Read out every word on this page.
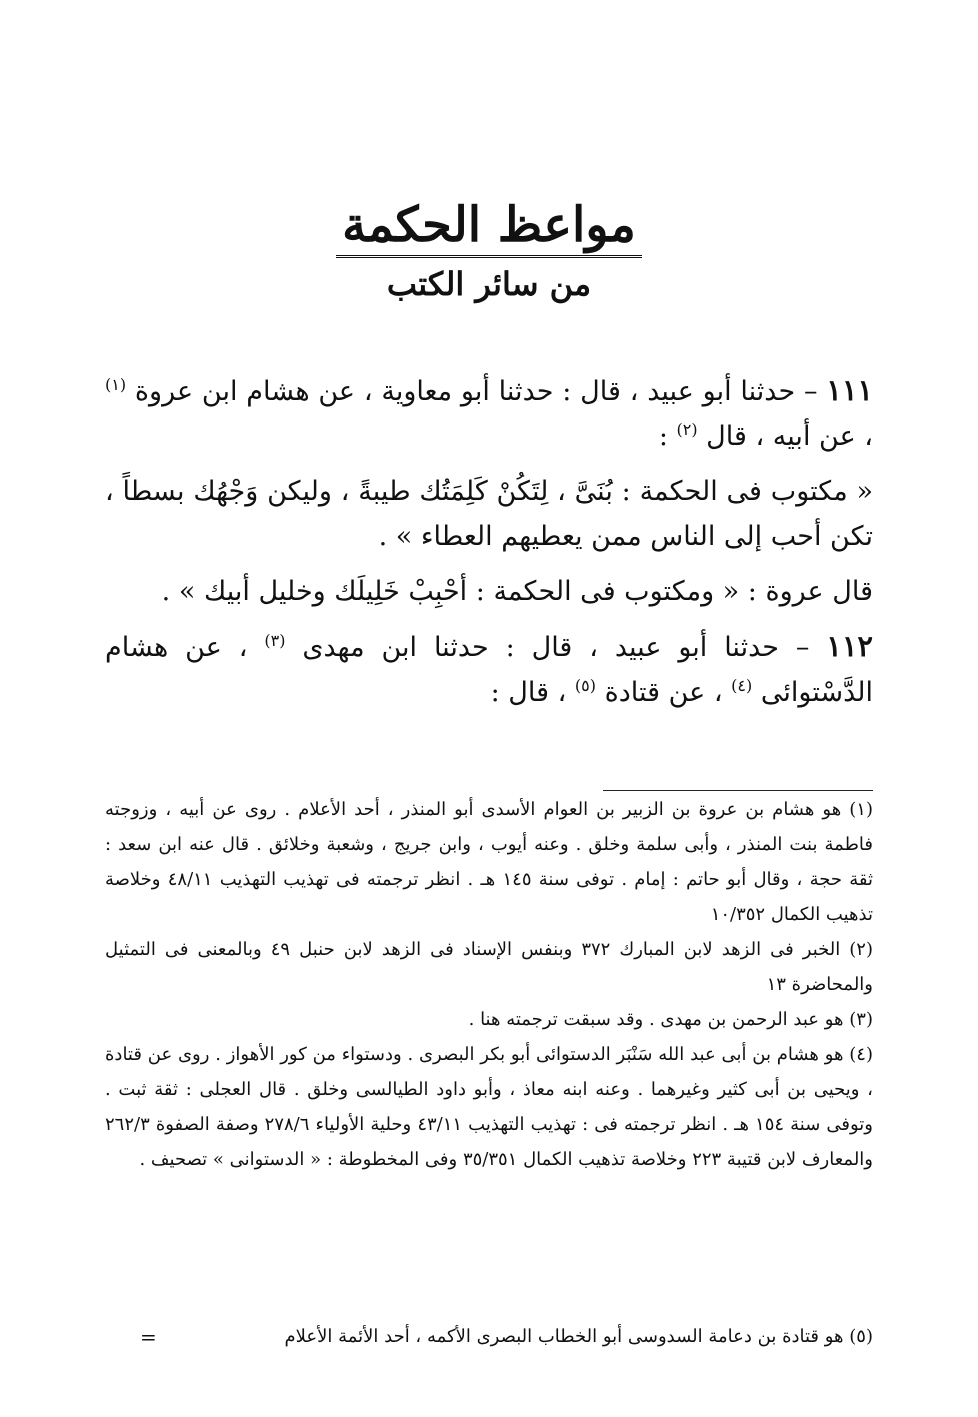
مواعظ الحكمة
من سائر الكتب

١١١ – حدثنا أبو عبيد ، قال : حدثنا أبو معاوية ، عن هشام ابن عروة $^{(١)}$ ، عن أبيه ، قال $^{(٢)}$ :

« مكتوب فى الحكمة : بُنَىَّ ، لِتَكُنْ كَلِمَتُك طيبةً ، وليكن وَجْهُك بسطاً ، تكن أحب إلى الناس ممن يعطيهم العطاء » .

قال عروة : « ومكتوب فى الحكمة : أحْبِبْ خَلِيلَك وخليل أبيك » .

١١٢ – حدثنا أبو عبيد ، قال : حدثنا ابن مهدى $^{(٣)}$ ، عن هشام الدَّسْتوائى $^{(٤)}$ ، عن قتادة $^{(٥)}$ ، قال :

(١) هو هشام بن عروة بن الزبير بن العوام الأسدى أبو المنذر ، أحد الأعلام . روى عن أبيه ، وزوجته فاطمة بنت المنذر ، وأبى سلمة وخلق . وعنه أيوب ، وابن جريج ، وشعبة وخلائق . قال عنه ابن سعد : ثقة حجة ، وقال أبو حاتم : إمام . توفى سنة ١٤٥ هـ . انظر ترجمته فى تهذيب التهذيب ٤٨/١١ وخلاصة تذهيب الكمال ١٠/٣٥٢

(٢) الخبر فى الزهد لابن المبارك ٣٧٢ وبنفس الإسناد فى الزهد لابن حنبل ٤٩ وبالمعنى فى التمثيل والمحاضرة ١٣

(٣) هو عبد الرحمن بن مهدى . وقد سبقت ترجمته هنا .

(٤) هو هشام بن أبى عبد الله سَنْبَر الدستوائى أبو بكر البصرى . ودستواء من كور الأهواز . روى عن قتادة ، ويحيى بن أبى كثير وغيرهما . وعنه ابنه معاذ ، وأبو داود الطيالسى وخلق . قال العجلى : ثقة ثبت . وتوفى سنة ١٥٤ هـ . انظر ترجمته فى : تهذيب التهذيب ٤٣/١١ وحلية الأولياء ٢٧٨/٦ وصفة الصفوة ٢٦٢/٣ والمعارف لابن قتيبة ٢٢٣ وخلاصة تذهيب الكمال ٣٥/٣٥١ وفى المخطوطة : « الدستوانى » تصحيف .

(٥) هو قتادة بن دعامة السدوسى أبو الخطاب البصرى الأكمه ، أحد الأئمة الأعلام
=
